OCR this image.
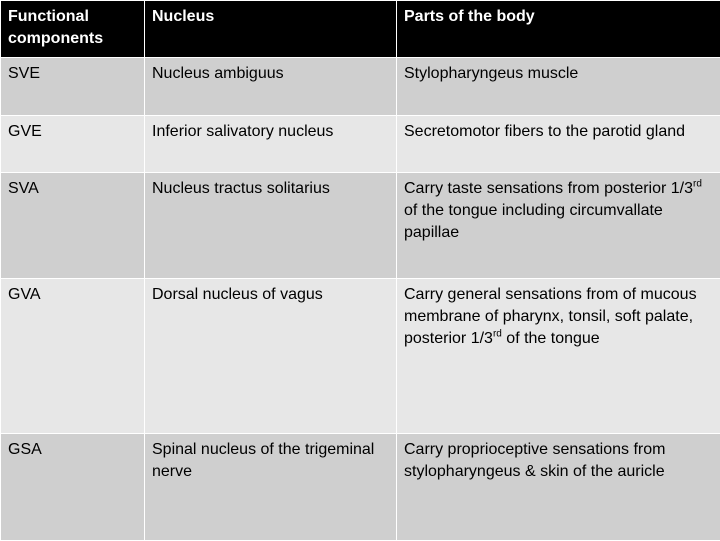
Functional components	Nucleus	Parts of the body
SVE	Nucleus ambiguus	Stylopharyngeus muscle
GVE	Inferior salivatory nucleus	Secretomotor fibers to the parotid gland
SVA	Nucleus tractus solitarius	Carry taste sensations from posterior 1/3rd of the tongue including circumvallate papillae
GVA	Dorsal nucleus of vagus	Carry general sensations from of mucous membrane of pharynx, tonsil, soft palate, posterior 1/3rd of the tongue
GSA	Spinal nucleus of the trigeminal nerve	Carry proprioceptive sensations from stylopharyngeus & skin of the auricle
